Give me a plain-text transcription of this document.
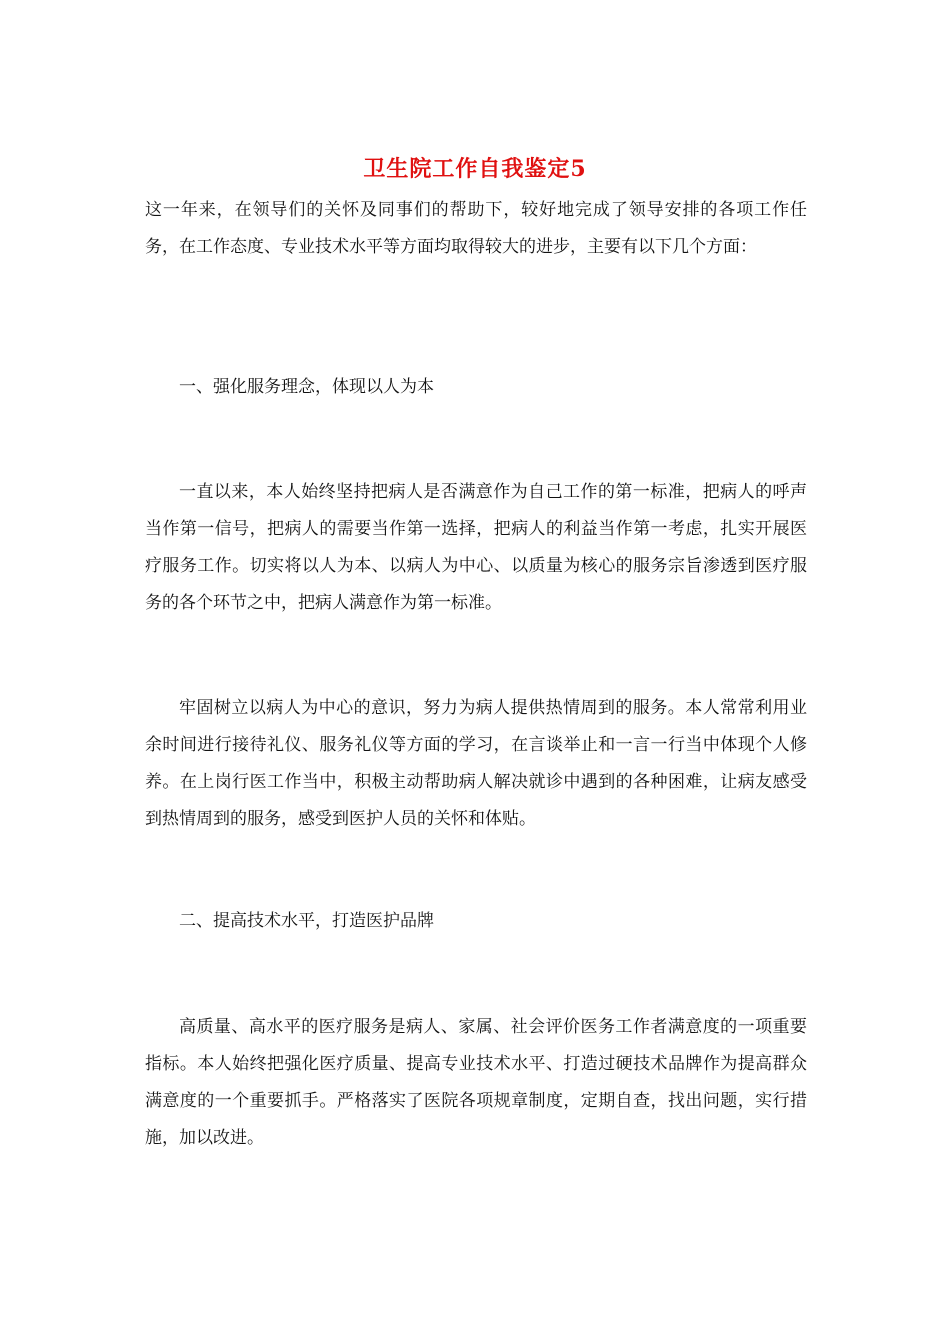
卫生院工作自我鉴定5
这一年来，在领导们的关怀及同事们的帮助下，较好地完成了领导安排的各项工作任务，在工作态度、专业技术水平等方面均取得较大的进步，主要有以下几个方面：
一、强化服务理念，体现以人为本
一直以来，本人始终坚持把病人是否满意作为自己工作的第一标准，把病人的呼声当作第一信号，把病人的需要当作第一选择，把病人的利益当作第一考虑，扎实开展医疗服务工作。切实将以人为本、以病人为中心、以质量为核心的服务宗旨渗透到医疗服务的各个环节之中，把病人满意作为第一标准。
牢固树立以病人为中心的意识，努力为病人提供热情周到的服务。本人常常利用业余时间进行接待礼仪、服务礼仪等方面的学习，在言谈举止和一言一行当中体现个人修养。在上岗行医工作当中，积极主动帮助病人解决就诊中遇到的各种困难，让病友感受到热情周到的服务，感受到医护人员的关怀和体贴。
二、提高技术水平，打造医护品牌
高质量、高水平的医疗服务是病人、家属、社会评价医务工作者满意度的一项重要指标。本人始终把强化医疗质量、提高专业技术水平、打造过硬技术品牌作为提高群众满意度的一个重要抓手。严格落实了医院各项规章制度，定期自查，找出问题，实行措施，加以改进。
